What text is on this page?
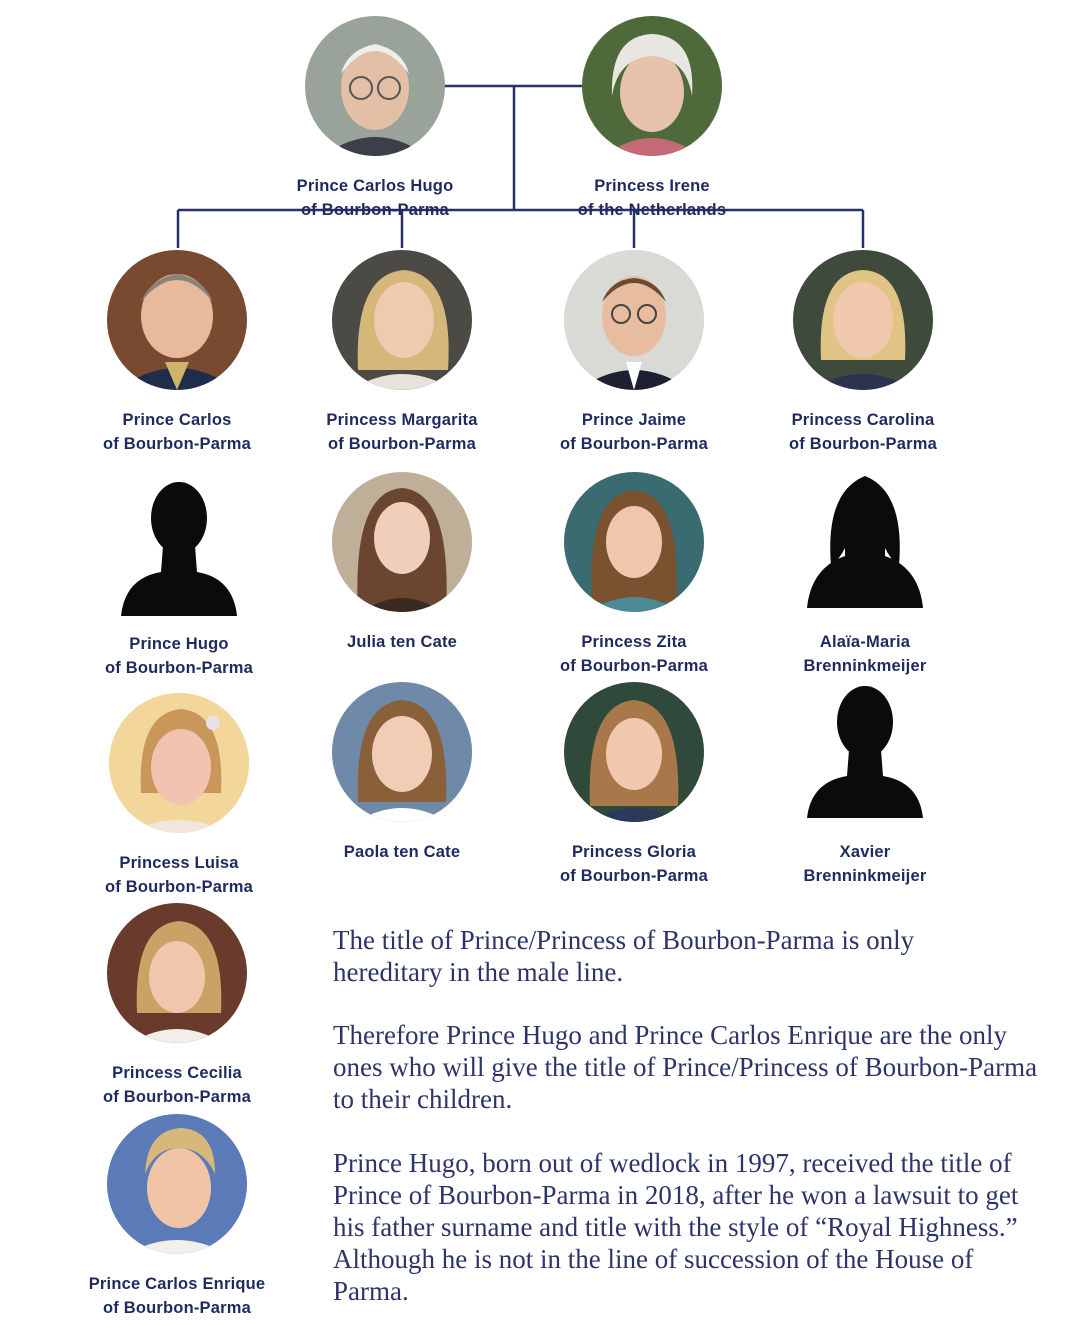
Prince Carlos Hugo
of Bourbon-Parma
Princess Irene
of the Netherlands
Prince Carlos
of Bourbon-Parma
Princess Margarita
of Bourbon-Parma
Prince Jaime
of Bourbon-Parma
Princess Carolina
of Bourbon-Parma
Prince Hugo
of Bourbon-Parma
Julia ten Cate	Princess Zita
of Bourbon-Parma
Alaïa-Maria
Brenninkmeijer
Princess Luisa
of Bourbon-Parma
Paola ten Cate	Princess Gloria
of Bourbon-Parma
Xavier
Brenninkmeijer
Princess Cecilia
of Bourbon-Parma
Prince Carlos Enrique
of Bourbon-Parma

The title of Prince/Princess of Bourbon-Parma is only hereditary in the male line.

Therefore Prince Hugo and Prince Carlos Enrique are the only ones who will give the title of Prince/Princess of Bourbon-Parma to their children.

Prince Hugo, born out of wedlock in 1997, received the title of Prince of Bourbon-Parma in 2018, after he won a lawsuit to get his father surname and title with the style of “Royal Highness.” Although he is not in the line of succession of the House of Parma.
